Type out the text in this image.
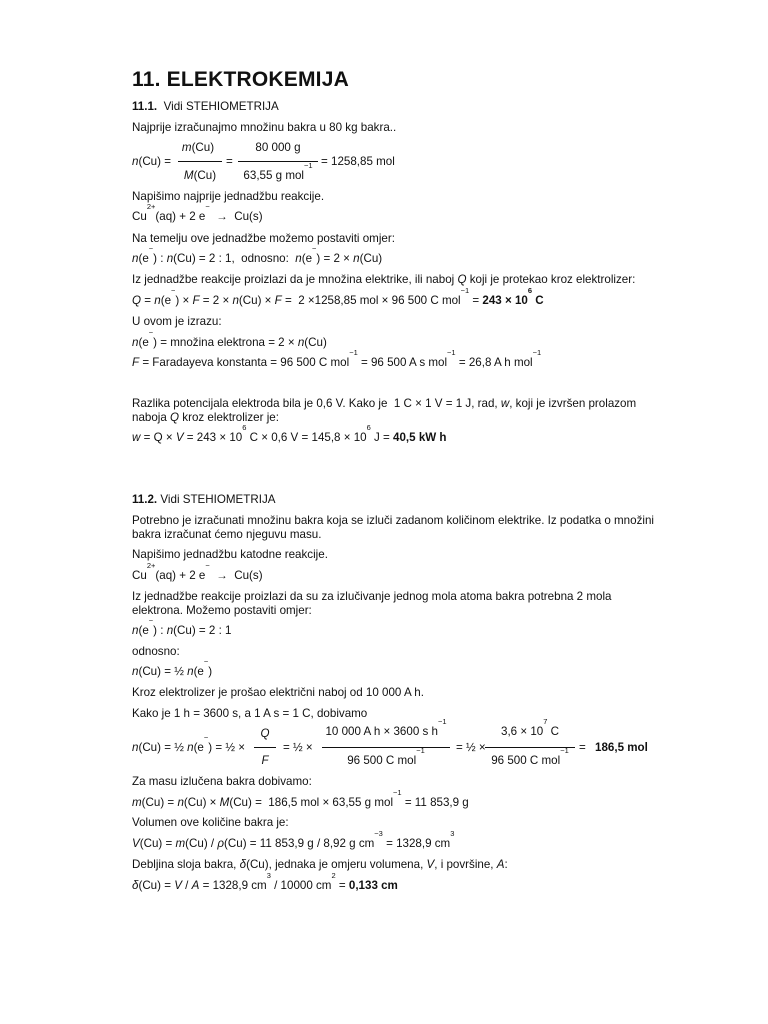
11. ELEKTROKEMIJA
11.1. Vidi STEHIOMETRIJA
Najprije izračunajmo množinu bakra u 80 kg bakra..
n(Cu) =
m(Cu)
M(Cu)
=
80 000 g
63,55 g mol$^{-1}$ = 1258,85 mol
Napišimo najprije jednadžbu reakcije.
$Cu^{2+}(aq) + 2$ e−  →  Cu(s)
Na temelju ove jednadžbe možemo postaviti omjer:
n(e−) : n(Cu) = 2 : 1,  odnosno:  n(e−) = 2 × n(Cu)
Iz jednadžbe reakcije proizlazi da je množina elektrike, ili naboj Q koji je protekao kroz elektrolizer:
Q = n(e−) × F = 2 × n(Cu) × F =  2 ×1258,85 mol × 96 500 C $mol^{-1} = 243 \times 10^6$ C
U ovom je izrazu:
n(e−) = množina elektrona = 2 × n(Cu)
F = Faradayeva konstanta = 96 500 C mol$^{-1}$ = 96 500 A s mol$^{-1}$ = 26,8 A h mol$^{-1}$
Razlika potencijala elektroda bila je 0,6 V. Kako je  1 C × 1 V = 1 J, rad, w, koji je izvršen prolazom
naboja Q kroz elektrolizer je:
$w = Q \times V = 243 \times 10^6$ C × 0,6 $V = 145,8 \times 10^6$ J = 40,5 kW h
11.2. Vidi STEHIOMETRIJA
Potrebno je izračunati množinu bakra koja se izluči zadanom količinom elektrike. Iz podatka o množini
bakra izračunat ćemo njeguvu masu.
Napišimo jednadžbu katodne reakcije.
$Cu^{2+}(aq) + 2$ e−  →  Cu(s)
Iz jednadžbe reakcije proizlazi da su za izlučivanje jednog mola atoma bakra potrebna 2 mola
elektrona. Možemo postaviti omjer:
n(e−) : n(Cu) = 2 : 1
odnosno:
n(Cu) = ½ n(e−)
Kroz elektrolizer je prošao električni naboj od 10 000 A h.
Kako je 1 h = 3600 s, a 1 A s = 1 C, dobivamo
n(Cu) = ½ n(e−) = ½ ×
Q
F
= ½ ×
10 000 A h × 3600 s $h^{-1}$
96 500 C mol$^{-1}$	= ½ ×
$3,6 \times 10^7$ C
96 500 C mol$^{-1}$ = 186,5 mol
Za masu izlučena bakra dobivamo:
m(Cu) = n(Cu) × M(Cu) =  186,5 mol × 63,55 g mol$^{-1}$ = 11 853,9 g
Volumen ove količine bakra je:
V(Cu) = m(Cu) / ρ(Cu) = 11 853,9 g / 8,92 g $cm^{-3} = 1328,9$ $cm^3$
Debljina sloja bakra, δ(Cu), jednaka je omjeru volumena, V, i površine, A:
δ(Cu) = V / A = 1328,9 $cm^3 / 10000$ $cm^2 = 0,133$ cm
